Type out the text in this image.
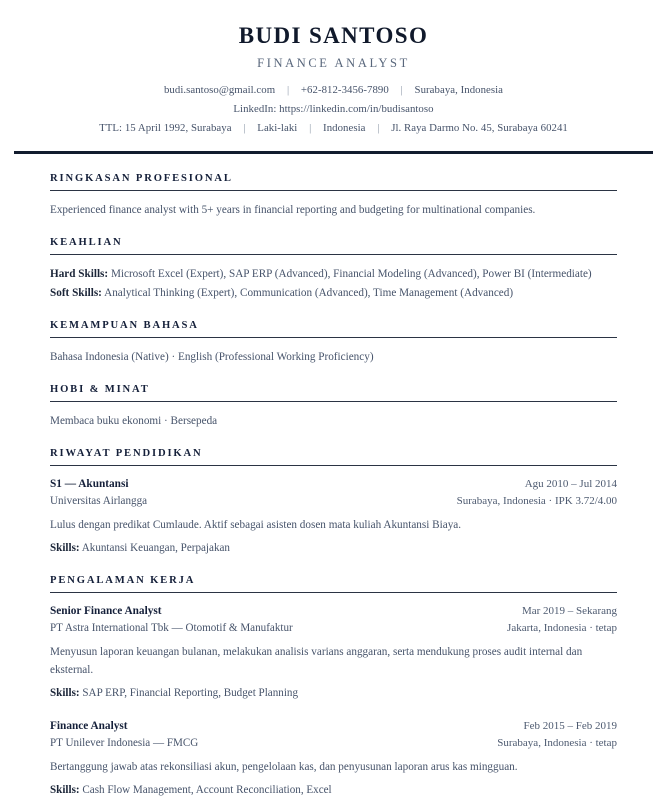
BUDI SANTOSO
FINANCE ANALYST
budi.santoso@gmail.com | +62-812-3456-7890 | Surabaya, Indonesia
LinkedIn: https://linkedin.com/in/budisantoso
TTL: 15 April 1992, Surabaya | Laki-laki | Indonesia | Jl. Raya Darmo No. 45, Surabaya 60241
RINGKASAN PROFESIONAL

Experienced finance analyst with 5+ years in financial reporting and budgeting for multinational companies.

KEAHLIAN

Hard Skills: Microsoft Excel (Expert), SAP ERP (Advanced), Financial Modeling (Advanced), Power BI (Intermediate)

Soft Skills: Analytical Thinking (Expert), Communication (Advanced), Time Management (Advanced)

KEMAMPUAN BAHASA

Bahasa Indonesia (Native) · English (Professional Working Proficiency)

HOBI & MINAT

Membaca buku ekonomi · Bersepeda

RIWAYAT PENDIDIKAN
S1 — Akuntansi	Agu 2010 – Jul 2014
Universitas Airlangga	Surabaya, Indonesia · IPK 3.72/4.00
Lulus dengan predikat Cumlaude. Aktif sebagai asisten dosen mata kuliah Akuntansi Biaya.
Skills: Akuntansi Keuangan, Perpajakan
PENGALAMAN KERJA
Senior Finance Analyst	Mar 2019 – Sekarang
PT Astra International Tbk — Otomotif & Manufaktur	Jakarta, Indonesia · tetap
Menyusun laporan keuangan bulanan, melakukan analisis varians anggaran, serta mendukung proses audit internal dan eksternal.
Skills: SAP ERP, Financial Reporting, Budget Planning
Finance Analyst	Feb 2015 – Feb 2019
PT Unilever Indonesia — FMCG	Surabaya, Indonesia · tetap
Bertanggung jawab atas rekonsiliasi akun, pengelolaan kas, dan penyusunan laporan arus kas mingguan.
Skills: Cash Flow Management, Account Reconciliation, Excel
